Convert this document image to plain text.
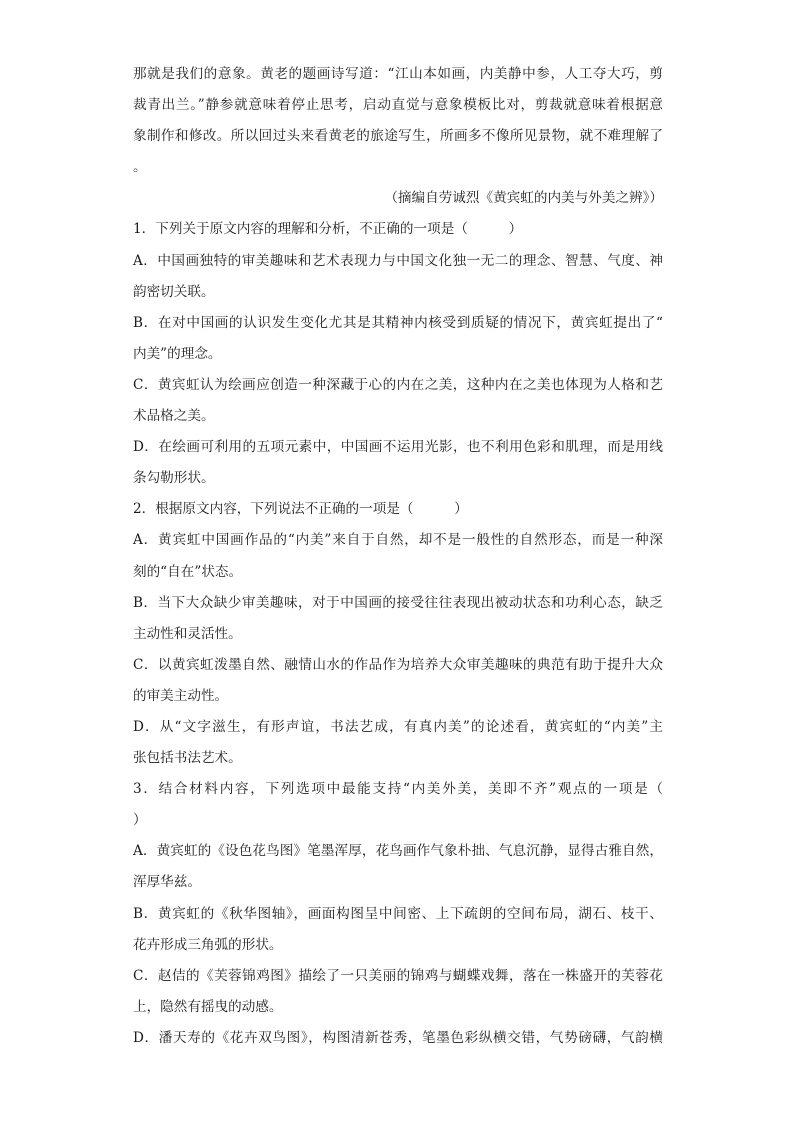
那就是我们的意象。黄老的题画诗写道：“江山本如画，内美静中参，人工夺大巧，剪
裁青出兰。”静参就意味着停止思考，启动直觉与意象模板比对，剪裁就意味着根据意
象制作和修改。所以回过头来看黄老的旅途写生，所画多不像所见景物，就不难理解了
。
（摘编自劳诚烈《黄宾虹的内美与外美之辨》）
1．下列关于原文内容的理解和分析，不正确的一项是（　　　）
A．中国画独特的审美趣味和艺术表现力与中国文化独一无二的理念、智慧、气度、神
韵密切关联。
B．在对中国画的认识发生变化尤其是其精神内核受到质疑的情况下，黄宾虹提出了“
内美”的理念。
C．黄宾虹认为绘画应创造一种深藏于心的内在之美，这种内在之美也体现为人格和艺
术品格之美。
D．在绘画可利用的五项元素中，中国画不运用光影，也不利用色彩和肌理，而是用线
条勾勒形状。
2．根据原文内容，下列说法不正确的一项是（　　　）
A．黄宾虹中国画作品的“内美”来自于自然，却不是一般性的自然形态，而是一种深
刻的“自在”状态。
B．当下大众缺少审美趣味，对于中国画的接受往往表现出被动状态和功利心态，缺乏
主动性和灵活性。
C．以黄宾虹泼墨自然、融情山水的作品作为培养大众审美趣味的典范有助于提升大众
的审美主动性。
D．从“文字滋生，有形声谊，书法艺成，有真内美”的论述看，黄宾虹的“内美”主
张包括书法艺术。
3．结合材料内容，下列选项中最能支持“内美外美，美即不齐”观点的一项是（
）
A．黄宾虹的《设色花鸟图》笔墨浑厚，花鸟画作气象朴拙、气息沉静，显得古雅自然，
浑厚华兹。
B．黄宾虹的《秋华图轴》，画面构图呈中间密、上下疏朗的空间布局，湖石、枝干、
花卉形成三角弧的形状。
C．赵佶的《芙蓉锦鸡图》描绘了一只美丽的锦鸡与蝴蝶戏舞，落在一株盛开的芙蓉花
上，隐然有摇曳的动感。
D．潘天寿的《花卉双鸟图》，构图清新苍秀，笔墨色彩纵横交错，气势磅礴，气韵横
